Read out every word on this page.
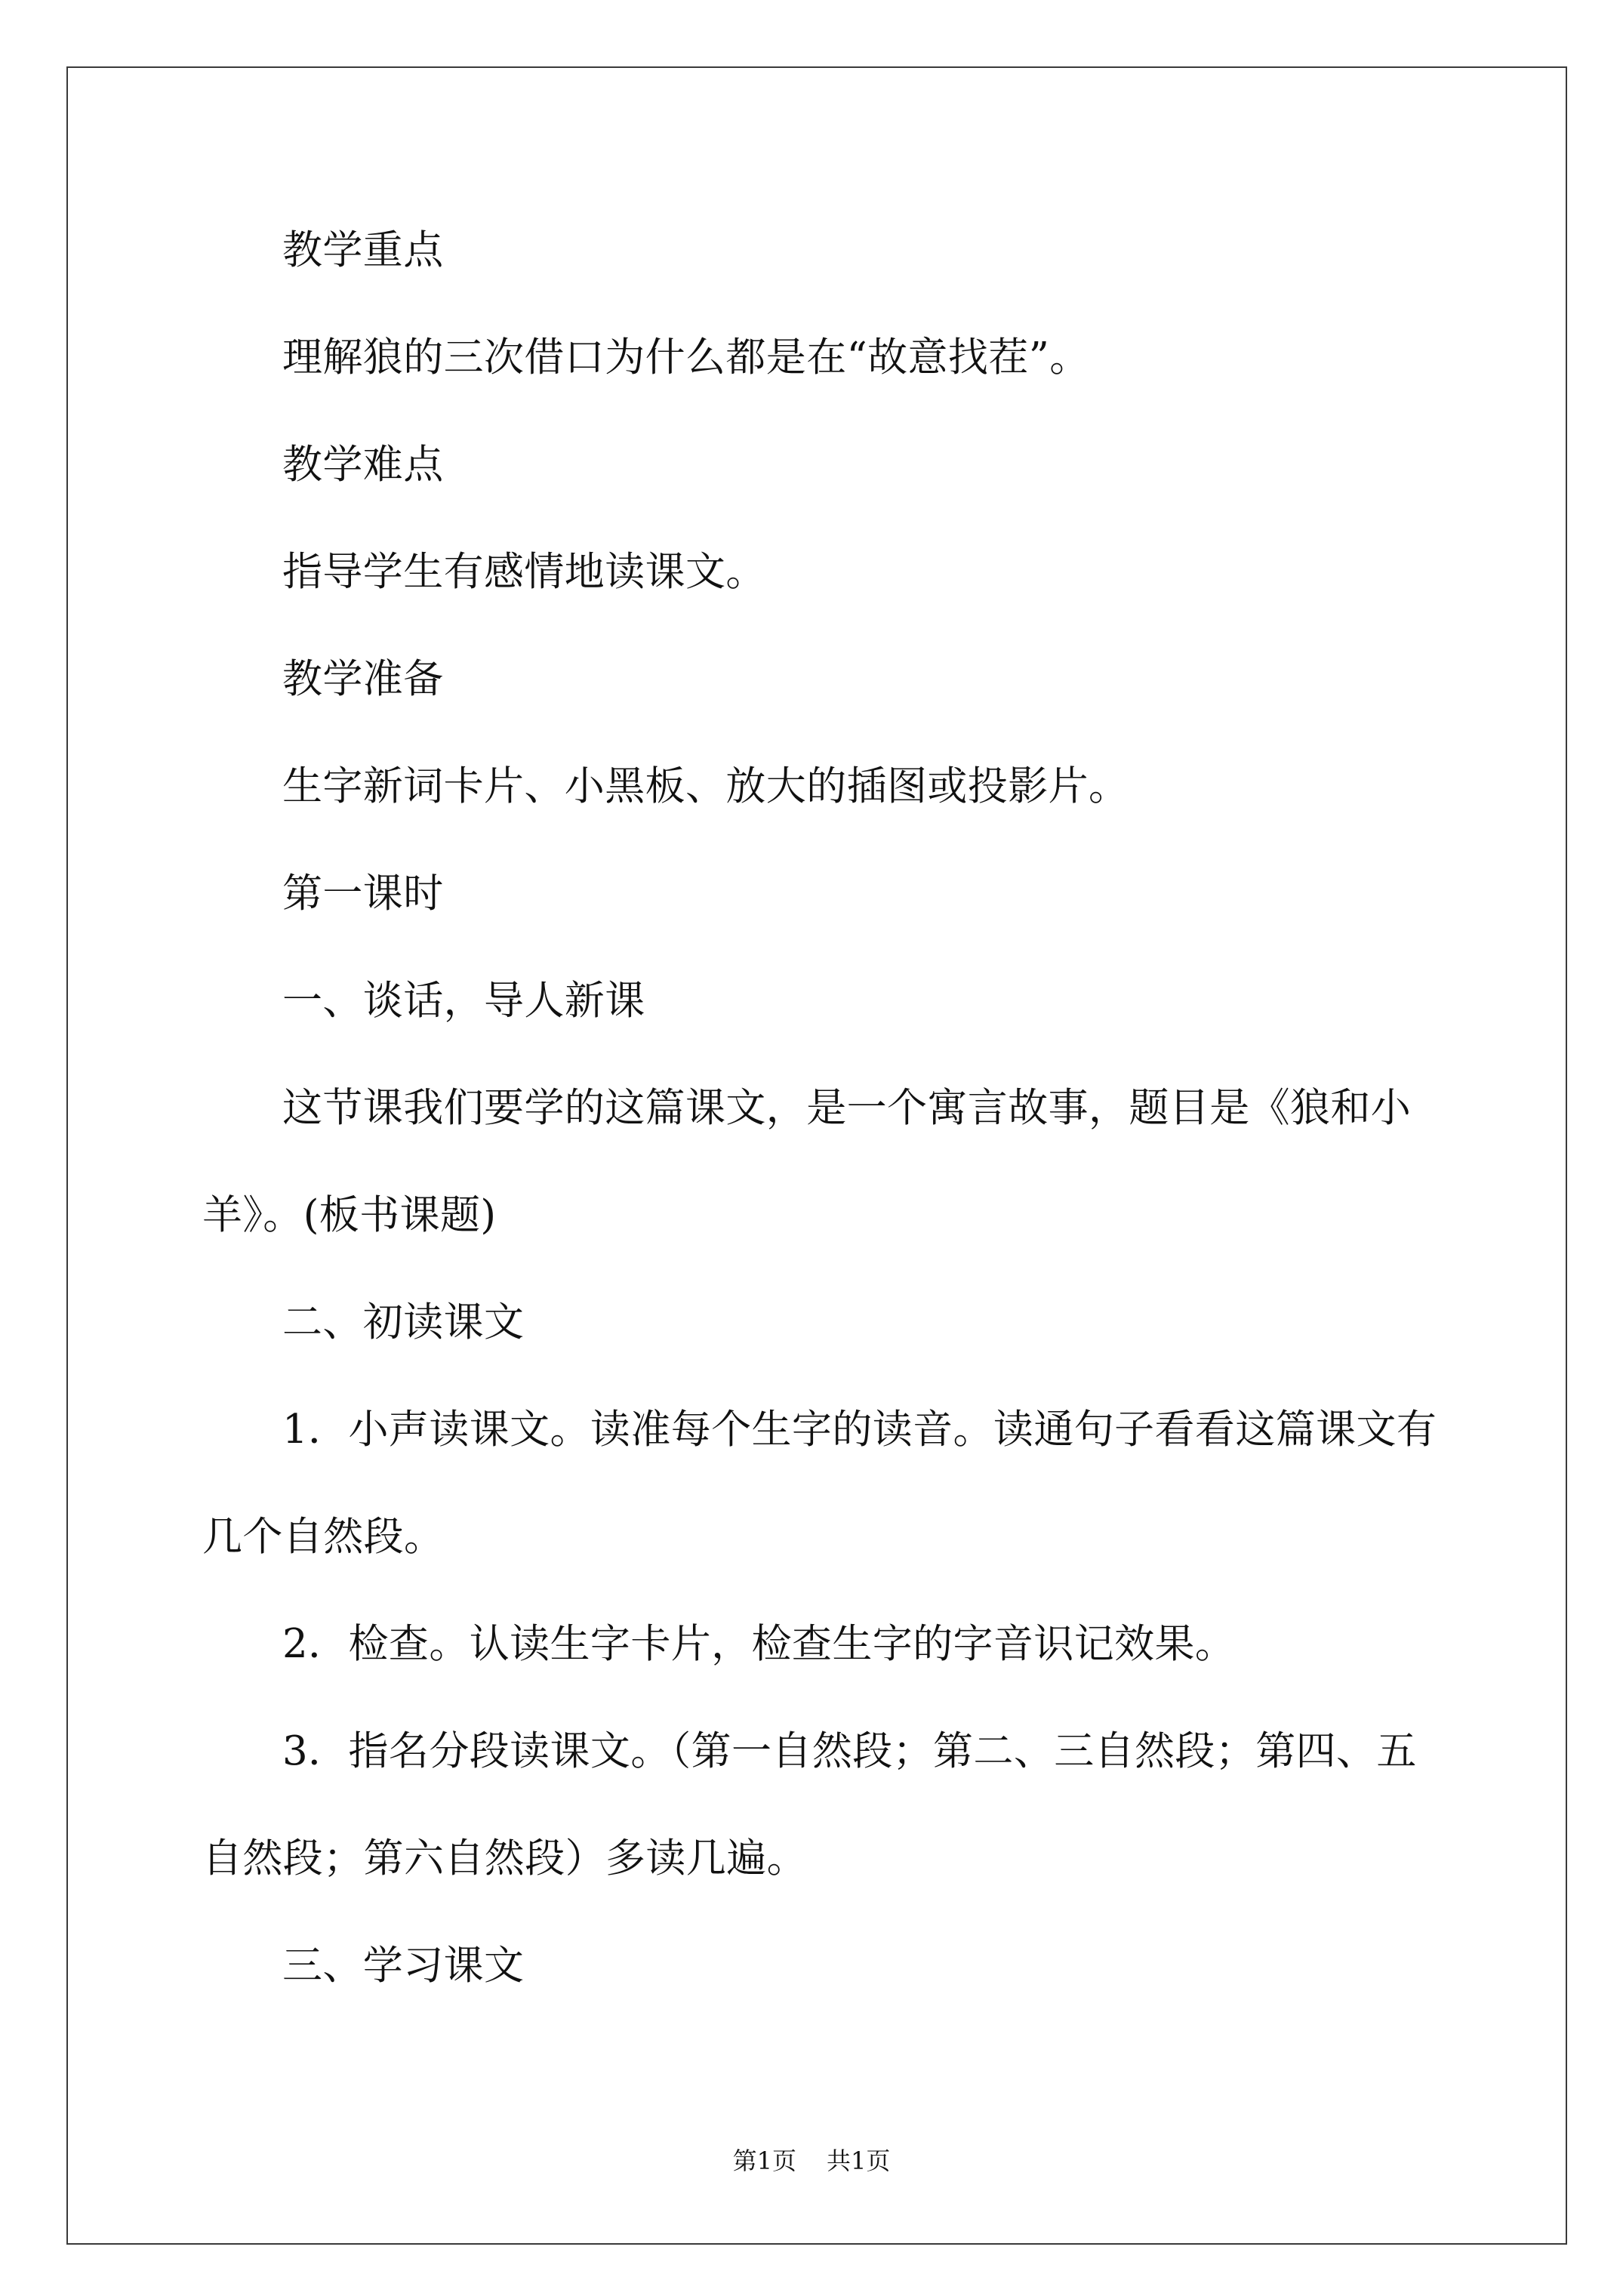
教学重点
理解狼的三次借口为什么都是在“故意找茬”。
教学难点
指导学生有感情地读课文。
教学准备
生字新词卡片、小黑板、放大的插图或投影片。
第一课时
一、谈话，导人新课
这节课我们要学的这篇课文，是一个寓言故事，题目是《狼和小
羊》。(板书课题)
二、初读课文
1．小声读课文。读准每个生字的读音。读通句子看看这篇课文有
几个自然段。
2．检查。认读生字卡片，检查生字的字音识记效果。
3．指名分段读课文。（第一自然段；第二、三自然段；第四、五
自然段；第六自然段）多读几遍。
三、学习课文
第1页 共1页
